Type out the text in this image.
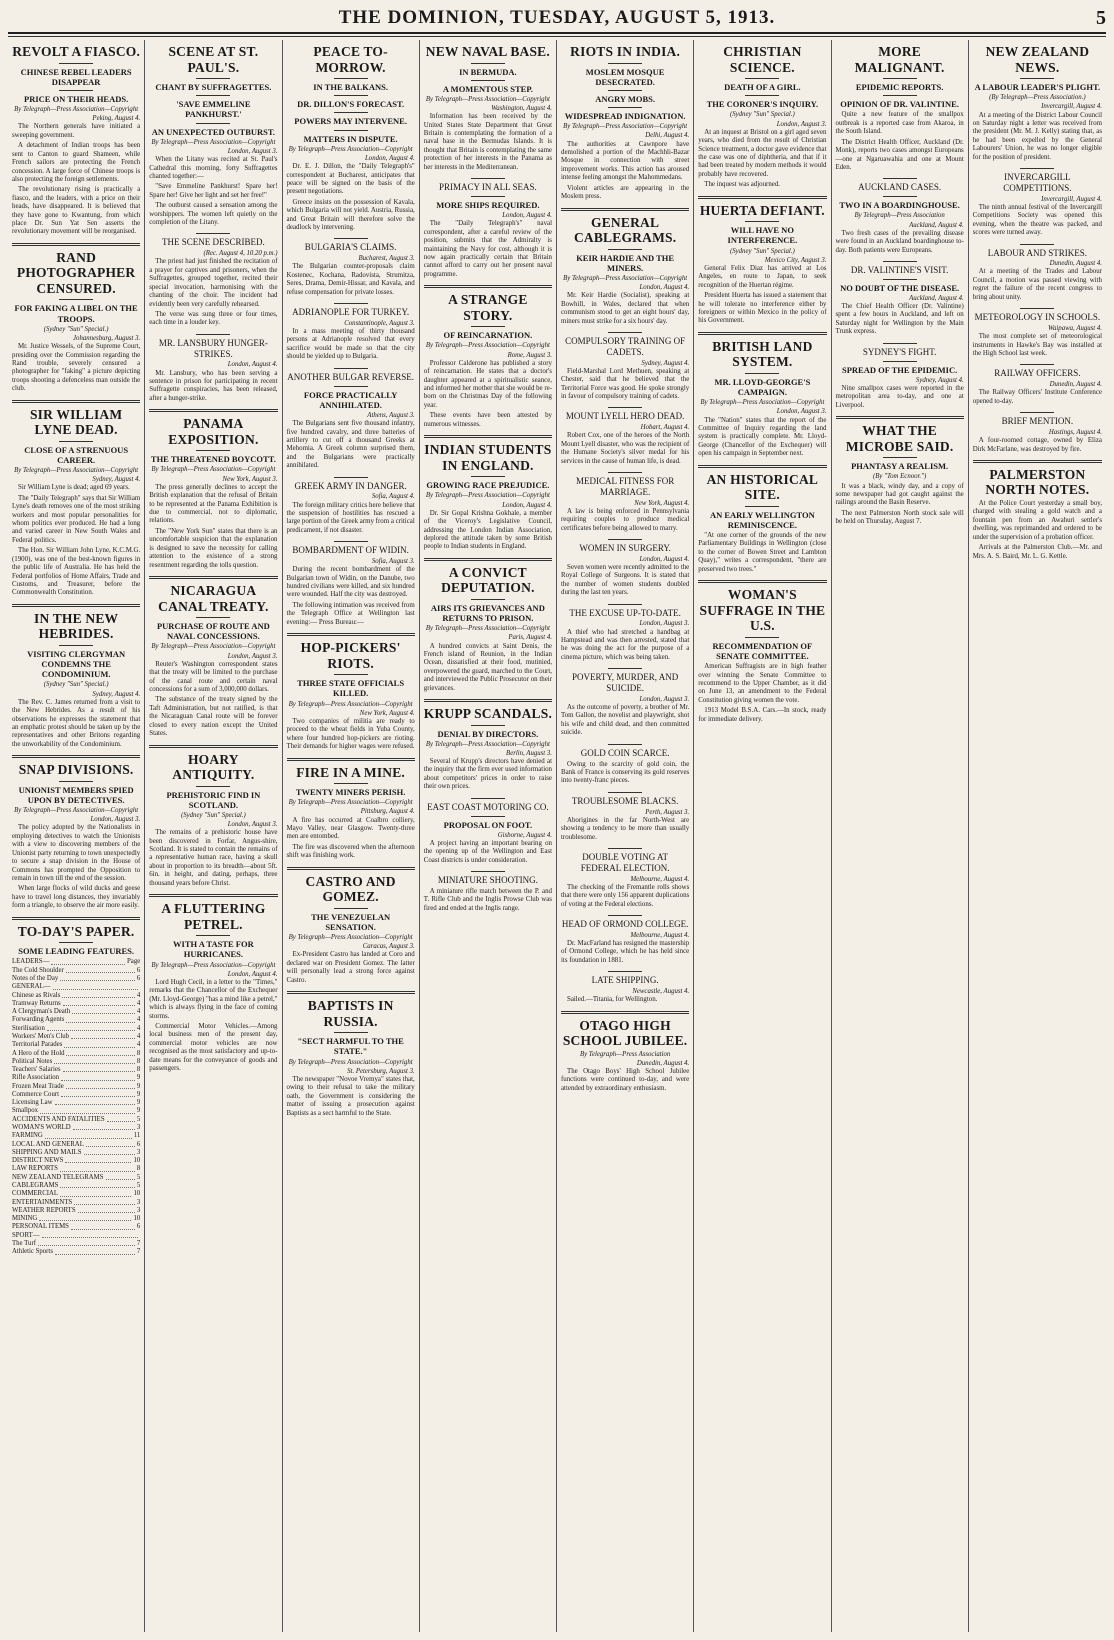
THE DOMINION, TUESDAY, AUGUST 5, 1913.	5
REVOLT A FIASCO.
CHINESE REBEL LEADERS DISAPPEAR
PRICE ON THEIR HEADS.
By Telegraph—Press Association—Copyright
Peking, August 4.

The Northern generals have initiated a sweeping government.

A detachment of Indian troops has been sent to Canton to guard Shameen, while French sailors are protecting the French concession. A large force of Chinese troops is also protecting the foreign settlements.

The revolutionary rising is practically a fiasco, and the leaders, with a price on their heads, have disappeared. It is believed that they have gone to Kwantung, from which place Dr. Sun Yat Sen asserts the revolutionary movement will be reorganised.

RAND PHOTOGRAPHER CENSURED.
FOR FAKING A LIBEL ON THE TROOPS.
(Sydney "Sun" Special.)
Johannesburg, August 3.

Mr. Justice Wessels, of the Supreme Court, presiding over the Commission regarding the Rand trouble, severely censured a photographer for "faking" a picture depicting troops shooting a defenceless man outside the club.

SIR WILLIAM LYNE DEAD.
CLOSE OF A STRENUOUS CAREER.
By Telegraph—Press Association—Copyright
Sydney, August 4.

Sir William Lyne is dead; aged 69 years.

The "Daily Telegraph" says that Sir William Lyne's death removes one of the most striking workers and most popular personalities for whom politics ever produced. He had a long and varied career in New South Wales and Federal politics.

The Hon. Sir William John Lyne, K.C.M.G. (1900), was one of the best-known figures in the public life of Australia. He has held the Federal portfolios of Home Affairs, Trade and Customs, and Treasurer, before the Commonwealth Constitution.

IN THE NEW HEBRIDES.
VISITING CLERGYMAN CONDEMNS THE CONDOMINIUM.
(Sydney "Sun" Special.)
Sydney, August 4.

The Rev. C. James returned from a visit to the New Hebrides. As a result of his observations he expresses the statement that an emphatic protest should be taken up by the representatives and other Britons regarding the unworkability of the Condominium.

SNAP DIVISIONS.
UNIONIST MEMBERS SPIED UPON BY DETECTIVES.
By Telegraph—Press Association—Copyright
London, August 3.

The policy adopted by the Nationalists in employing detectives to watch the Unionists with a view to discovering members of the Unionist party returning to town unexpectedly to secure a snap division in the House of Commons has prompted the Opposition to remain in town till the end of the session.

When large flocks of wild ducks and geese have to travel long distances, they invariably form a triangle, to observe the air more easily.

TO-DAY'S PAPER.
SOME LEADING FEATURES.
LEADERS—	Page
The Cold Shoulder	6
Notes of the Day	6
GENERAL—
Chinese as Rivals	4
Tramway Returns	4
A Clergyman's Death	4
Forwarding Agents	4
Sterilisation	4
Workers' Men's Club	4
Territorial Parades	4
A Hero of the Hold	8
Political Notes	8
Teachers' Salaries	8
Rifle Association	9
Frozen Meat Trade	9
Commerce Court	9
Licensing Law	9
Smallpox	9
ACCIDENTS AND FATALITIES	5
WOMAN'S WORLD	3
FARMING	11
LOCAL AND GENERAL	6
SHIPPING AND MAILS	3
DISTRICT NEWS	10
LAW REPORTS	8
NEW ZEALAND TELEGRAMS	5
CABLEGRAMS	5
COMMERCIAL	10
ENTERTAINMENTS	3
WEATHER REPORTS	3
MINING	10
PERSONAL ITEMS	6
SPORT—
The Turf	7
Athletic Sports	7
SCENE AT ST. PAUL'S.
CHANT BY SUFFRAGETTES.
'SAVE EMMELINE PANKHURST.'
AN UNEXPECTED OUTBURST.
By Telegraph—Press Association—Copyright
London, August 3.

When the Litany was recited at St. Paul's Cathedral this morning, forty Suffragettes chanted together:—

"Save Emmeline Pankhurst! Spare her! Spare her! Give her light and set her free!"

The outburst caused a sensation among the worshippers. The women left quietly on the completion of the Litany.

THE SCENE DESCRIBED.
(Rec. August 4, 10.20 p.m.)

The priest had just finished the recitation of a prayer for captives and prisoners, when the Suffragettes, grouped together, recited their special invocation, harmonising with the chanting of the choir. The incident had evidently been very carefully rehearsed.

The verse was sung three or four times, each time in a louder key.

MR. LANSBURY HUNGER-STRIKES.
London, August 4.

Mr. Lansbury, who has been serving a sentence in prison for participating in recent Suffragette conspiracies, has been released, after a hunger-strike.

PANAMA EXPOSITION.
THE THREATENED BOYCOTT.
By Telegraph—Press Association—Copyright
New York, August 3.

The press generally declines to accept the British explanation that the refusal of Britain to be represented at the Panama Exhibition is due to commercial, not to diplomatic, relations.

The "New York Sun" states that there is an uncomfortable suspicion that the explanation is designed to save the necessity for calling attention to the existence of a strong resentment regarding the tolls question.

NICARAGUA CANAL TREATY.
PURCHASE OF ROUTE AND NAVAL CONCESSIONS.
By Telegraph—Press Association—Copyright
London, August 3.

Reuter's Washington correspondent states that the treaty will be limited to the purchase of the canal route and certain naval concessions for a sum of 3,000,000 dollars.

The substance of the treaty signed by the Taft Administration, but not ratified, is that the Nicaraguan Canal route will be forever closed to every nation except the United States.

HOARY ANTIQUITY.
PREHISTORIC FIND IN SCOTLAND.
(Sydney "Sun" Special.)
London, August 3.

The remains of a prehistoric house have been discovered in Forfar, Angus-shire, Scotland. It is stated to contain the remains of a representative human race, having a skull about in proportion to its breadth—about 5ft. 6in. in height, and dating, perhaps, three thousand years before Christ.

A FLUTTERING PETREL.
WITH A TASTE FOR HURRICANES.
By Telegraph—Press Association—Copyright
London, August 4.

Lord Hugh Cecil, in a letter to the "Times," remarks that the Chancellor of the Exchequer (Mr. Lloyd-George) "has a mind like a petrel," which is always flying in the face of coming storms.

Commercial Motor Vehicles.—Among local business men of the present day, commercial motor vehicles are now recognised as the most satisfactory and up-to-date means for the conveyance of goods and passengers.

PEACE TO-MORROW.
IN THE BALKANS.
DR. DILLON'S FORECAST.
POWERS MAY INTERVENE.
MATTERS IN DISPUTE.
By Telegraph—Press Association—Copyright
London, August 4.

Dr. E. J. Dillon, the "Daily Telegraph's" correspondent at Bucharest, anticipates that peace will be signed on the basis of the present negotiations.

Greece insists on the possession of Kavala, which Bulgaria will not yield. Austria, Russia, and Great Britain will therefore solve the deadlock by intervening.

BULGARIA'S CLAIMS.
Bucharest, August 3.

The Bulgarian counter-proposals claim Kostenec, Kochana, Radovista, Strumitza, Seres, Drama, Demir-Hissar, and Kavala, and refuse compensation for private losses.

ADRIANOPLE FOR TURKEY.
Constantinople, August 3.

In a mass meeting of thirty thousand persons at Adrianople resolved that every sacrifice would be made so that the city should be yielded up to Bulgaria.

ANOTHER BULGAR REVERSE.
FORCE PRACTICALLY ANNIHILATED.
Athens, August 3.

The Bulgarians sent five thousand infantry, five hundred cavalry, and three batteries of artillery to cut off a thousand Greeks at Mehomia. A Greek column surprised them, and the Bulgarians were practically annihilated.

GREEK ARMY IN DANGER.
Sofia, August 4.

The foreign military critics here believe that the suspension of hostilities has rescued a large portion of the Greek army from a critical predicament, if not disaster.

BOMBARDMENT OF WIDIN.
Sofia, August 3.

During the recent bombardment of the Bulgarian town of Widin, on the Danube, two hundred civilians were killed, and six hundred were wounded. Half the city was destroyed.

The following intimation was received from the Telegraph Office at Wellington last evening:— Press Bureau:—

HOP-PICKERS' RIOTS.
THREE STATE OFFICIALS KILLED.
By Telegraph—Press Association—Copyright
New York, August 4.

Two companies of militia are ready to proceed to the wheat fields in Yuba County, where four hundred hop-pickers are rioting. Their demands for higher wages were refused.

FIRE IN A MINE.
TWENTY MINERS PERISH.
By Telegraph—Press Association—Copyright
Pittsburg, August 4.

A fire has occurred at Coalbro colliery, Mayo Valley, near Glasgow. Twenty-three men are entombed.

The fire was discovered when the afternoon shift was finishing work.

CASTRO AND GOMEZ.
THE VENEZUELAN SENSATION.
By Telegraph—Press Association—Copyright
Caracas, August 3.

Ex-President Castro has landed at Coro and declared war on President Gomez. The latter will personally lead a strong force against Castro.

BAPTISTS IN RUSSIA.
"SECT HARMFUL TO THE STATE."
By Telegraph—Press Association—Copyright
St. Petersburg, August 3.

The newspaper "Novoe Vremya" states that, owing to their refusal to take the military oath, the Government is considering the matter of issuing a prosecution against Baptists as a sect harmful to the State.

NEW NAVAL BASE.
IN BERMUDA.
A MOMENTOUS STEP.
By Telegraph—Press Association—Copyright
Washington, August 4.

Information has been received by the United States State Department that Great Britain is contemplating the formation of a naval base in the Bermudas Islands. It is thought that Britain is contemplating the same protection of her interests in the Panama as her interests in the Mediterranean.

PRIMACY IN ALL SEAS.
MORE SHIPS REQUIRED.
London, August 4.

The "Daily Telegraph's" naval correspondent, after a careful review of the position, submits that the Admiralty is maintaining the Navy for cost, although it is now again practically certain that Britain cannot afford to carry out her present naval programme.

A STRANGE STORY.
OF REINCARNATION.
By Telegraph—Press Association—Copyright
Rome, August 3.

Professor Calderone has published a story of reincarnation. He states that a doctor's daughter appeared at a spiritualistic seance, and informed her mother that she would be re-born on the Christmas Day of the following year.

These events have been attested by numerous witnesses.

INDIAN STUDENTS IN ENGLAND.
GROWING RACE PREJUDICE.
By Telegraph—Press Association—Copyright
London, August 4.

Dr. Sir Gopal Krishna Gokhale, a member of the Viceroy's Legislative Council, addressing the London Indian Association, deplored the attitude taken by some British people to Indian students in England.

A CONVICT DEPUTATION.
AIRS ITS GRIEVANCES AND RETURNS TO PRISON.
By Telegraph—Press Association—Copyright
Paris, August 4.

A hundred convicts at Saint Denis, the French island of Reunion, in the Indian Ocean, dissatisfied at their food, mutinied, overpowered the guard, marched to the Court, and interviewed the Public Prosecutor on their grievances.

KRUPP SCANDALS.
DENIAL BY DIRECTORS.
By Telegraph—Press Association—Copyright
Berlin, August 3.

Several of Krupp's directors have denied at the inquiry that the firm ever used information about competitors' prices in order to raise their own prices.

EAST COAST MOTORING CO.
PROPOSAL ON FOOT.
Gisborne, August 4.

A project having an important bearing on the opening up of the Wellington and East Coast districts is under consideration.

MINIATURE SHOOTING.

A miniature rifle match between the P. and T. Rifle Club and the Inglis Prowse Club was fired and ended at the Inglis range.

RIOTS IN INDIA.
MOSLEM MOSQUE DESECRATED.
ANGRY MOBS.
WIDESPREAD INDIGNATION.
By Telegraph—Press Association—Copyright
Delhi, August 4.

The authorities at Cawnpore have demolished a portion of the Machhli-Bazar Mosque in connection with street improvement works. This action has aroused intense feeling amongst the Mahommedans.

Violent articles are appearing in the Moslem press.

GENERAL CABLEGRAMS.
KEIR HARDIE AND THE MINERS.
By Telegraph—Press Association—Copyright
London, August 4.

Mr. Keir Hardie (Socialist), speaking at Bowhill, in Wales, declared that when communism stood to get an eight hours' day, miners must strike for a six hours' day.

COMPULSORY TRAINING OF CADETS.
Sydney, August 4.

Field-Marshal Lord Methuen, speaking at Chester, said that he believed that the Territorial Force was good. He spoke strongly in favour of compulsory training of cadets.

MOUNT LYELL HERO DEAD.
Hobart, August 4.

Robert Cox, one of the heroes of the North Mount Lyell disaster, who was the recipient of the Humane Society's silver medal for his services in the cause of human life, is dead.

MEDICAL FITNESS FOR MARRIAGE.
New York, August 4.

A law is being enforced in Pennsylvania requiring couples to produce medical certificates before being allowed to marry.

WOMEN IN SURGERY.
London, August 4.

Seven women were recently admitted to the Royal College of Surgeons. It is stated that the number of women students doubled during the last ten years.

THE EXCUSE UP-TO-DATE.
London, August 3.

A thief who had stretched a handbag at Hampstead and was then arrested, stated that he was doing the act for the purpose of a cinema picture, which was being taken.

POVERTY, MURDER, AND SUICIDE.
London, August 3.

As the outcome of poverty, a brother of Mr. Tom Gallon, the novelist and playwright, shot his wife and child dead, and then committed suicide.

GOLD COIN SCARCE.

Owing to the scarcity of gold coin, the Bank of France is conserving its gold reserves into twenty-franc pieces.

TROUBLESOME BLACKS.
Perth, August 3.

Aborigines in the far North-West are showing a tendency to be more than usually troublesome.

DOUBLE VOTING AT FEDERAL ELECTION.
Melbourne, August 4.

The checking of the Fremantle rolls shows that there were only 156 apparent duplications of voting at the Federal elections.

HEAD OF ORMOND COLLEGE.
Melbourne, August 4.

Dr. MacFarland has resigned the mastership of Ormond College, which he has held since its foundation in 1881.

LATE SHIPPING.
Newcastle, August 4.

Sailed.—Titania, for Wellington.

OTAGO HIGH SCHOOL JUBILEE.
By Telegraph—Press Association
Dunedin, August 4.

The Otago Boys' High School Jubilee functions were continued to-day, and were attended by extraordinary enthusiasm.

CHRISTIAN SCIENCE.
DEATH OF A GIRL.
THE CORONER'S INQUIRY.
(Sydney "Sun" Special.)
London, August 3.

At an inquest at Bristol on a girl aged seven years, who died from the result of Christian Science treatment, a doctor gave evidence that the case was one of diphtheria, and that if it had been treated by modern methods it would probably have recovered.

The inquest was adjourned.

HUERTA DEFIANT.
WILL HAVE NO INTERFERENCE.
(Sydney "Sun" Special.)
Mexico City, August 3.

General Felix Diaz has arrived at Los Angeles, en route to Japan, to seek recognition of the Huertan régime.

President Huerta has issued a statement that he will tolerate no interference either by foreigners or within Mexico in the policy of his Government.

BRITISH LAND SYSTEM.
MR. LLOYD-GEORGE'S CAMPAIGN.
By Telegraph—Press Association—Copyright
London, August 3.

The "Nation" states that the report of the Committee of Inquiry regarding the land system is practically complete. Mr. Lloyd-George (Chancellor of the Exchequer) will open his campaign in September next.

AN HISTORICAL SITE.
AN EARLY WELLINGTON REMINISCENCE.

"At one corner of the grounds of the new Parliamentary Buildings in Wellington (close to the corner of Bowen Street and Lambton Quay)," writes a correspondent, "there are preserved two trees."

WOMAN'S SUFFRAGE IN THE U.S.
RECOMMENDATION OF SENATE COMMITTEE.

American Suffragists are in high feather over winning the Senate Committee to recommend to the Upper Chamber, as it did on June 13, an amendment to the Federal Constitution giving women the vote.

1913 Model B.S.A. Cars.—In stock, ready for immediate delivery.

MORE MALIGNANT.
EPIDEMIC REPORTS.
OPINION OF DR. VALINTINE.

Quite a new feature of the smallpox outbreak is a reported case from Akaroa, in the South Island.

The District Health Officer, Auckland (Dr. Monk), reports two cases amongst Europeans—one at Ngaruawahia and one at Mount Eden.

AUCKLAND CASES.
TWO IN A BOARDINGHOUSE.
By Telegraph—Press Association
Auckland, August 4.

Two fresh cases of the prevailing disease were found in an Auckland boardinghouse to-day. Both patients were Europeans.

DR. VALINTINE'S VISIT.
NO DOUBT OF THE DISEASE.
Auckland, August 4.

The Chief Health Officer (Dr. Valintine) spent a few hours in Auckland, and left on Saturday night for Wellington by the Main Trunk express.

SYDNEY'S FIGHT.
SPREAD OF THE EPIDEMIC.
Sydney, August 4.

Nine smallpox cases were reported in the metropolitan area to-day, and one at Liverpool.

WHAT THE MICROBE SAID.
PHANTASY A REALISM.
(By "Tom Ecnoor.")

It was a black, windy day, and a copy of some newspaper had got caught against the railings around the Basin Reserve.

The next Palmerston North stock sale will be held on Thursday, August 7.

NEW ZEALAND NEWS.
A LABOUR LEADER'S PLIGHT.
(By Telegraph—Press Association.)
Invercargill, August 4.

At a meeting of the District Labour Council on Saturday night a letter was received from the president (Mr. M. J. Kelly) stating that, as he had been expelled by the General Labourers' Union, he was no longer eligible for the position of president.

INVERCARGILL COMPETITIONS.
Invercargill, August 4.

The ninth annual festival of the Invercargill Competitions Society was opened this evening, when the theatre was packed, and scores were turned away.

LABOUR AND STRIKES.
Dunedin, August 4.

At a meeting of the Trades and Labour Council, a motion was passed viewing with regret the failure of the recent congress to bring about unity.

METEOROLOGY IN SCHOOLS.
Waipawa, August 4.

The most complete set of meteorological instruments in Hawke's Bay was installed at the High School last week.

RAILWAY OFFICERS.
Dunedin, August 4.

The Railway Officers' Institute Conference opened to-day.

BRIEF MENTION.
Hastings, August 4.

A four-roomed cottage, owned by Eliza Dirk McFarlane, was destroyed by fire.

PALMERSTON NORTH NOTES.

At the Police Court yesterday a small boy, charged with stealing a gold watch and a fountain pen from an Awahuri settler's dwelling, was reprimanded and ordered to be under the supervision of a probation officer.

Arrivals at the Palmerston Club.—Mr. and Mrs. A. S. Baird, Mr. L. G. Kettle.
